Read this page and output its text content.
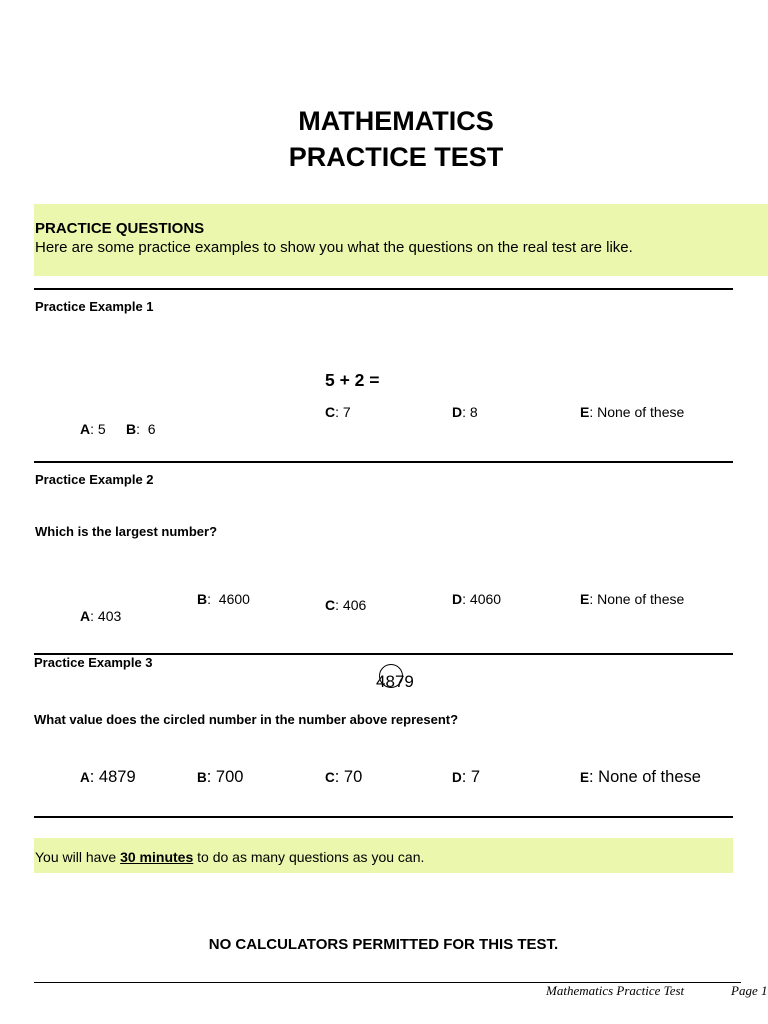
MATHEMATICS
PRACTICE TEST
PRACTICE QUESTIONS
Here are some practice examples to show you what the questions on the real test are like.
Practice Example 1
5 + 2 =
A: 5 B:  6
C: 7	D: 8	E: None of these
Practice Example 2
Which is the largest number?
A: 403
B:  4600	C: 406	D: 4060	E: None of these
Practice Example 3
48
79
What value does the circled number in the number above represent?
A: 4879	B: 700	C: 70	D: 7	E: None of these
You will have 30 minutes to do as many questions as you can.
NO CALCULATORS PERMITTED FOR THIS TEST.
Mathematics Practice Test	Page 1
